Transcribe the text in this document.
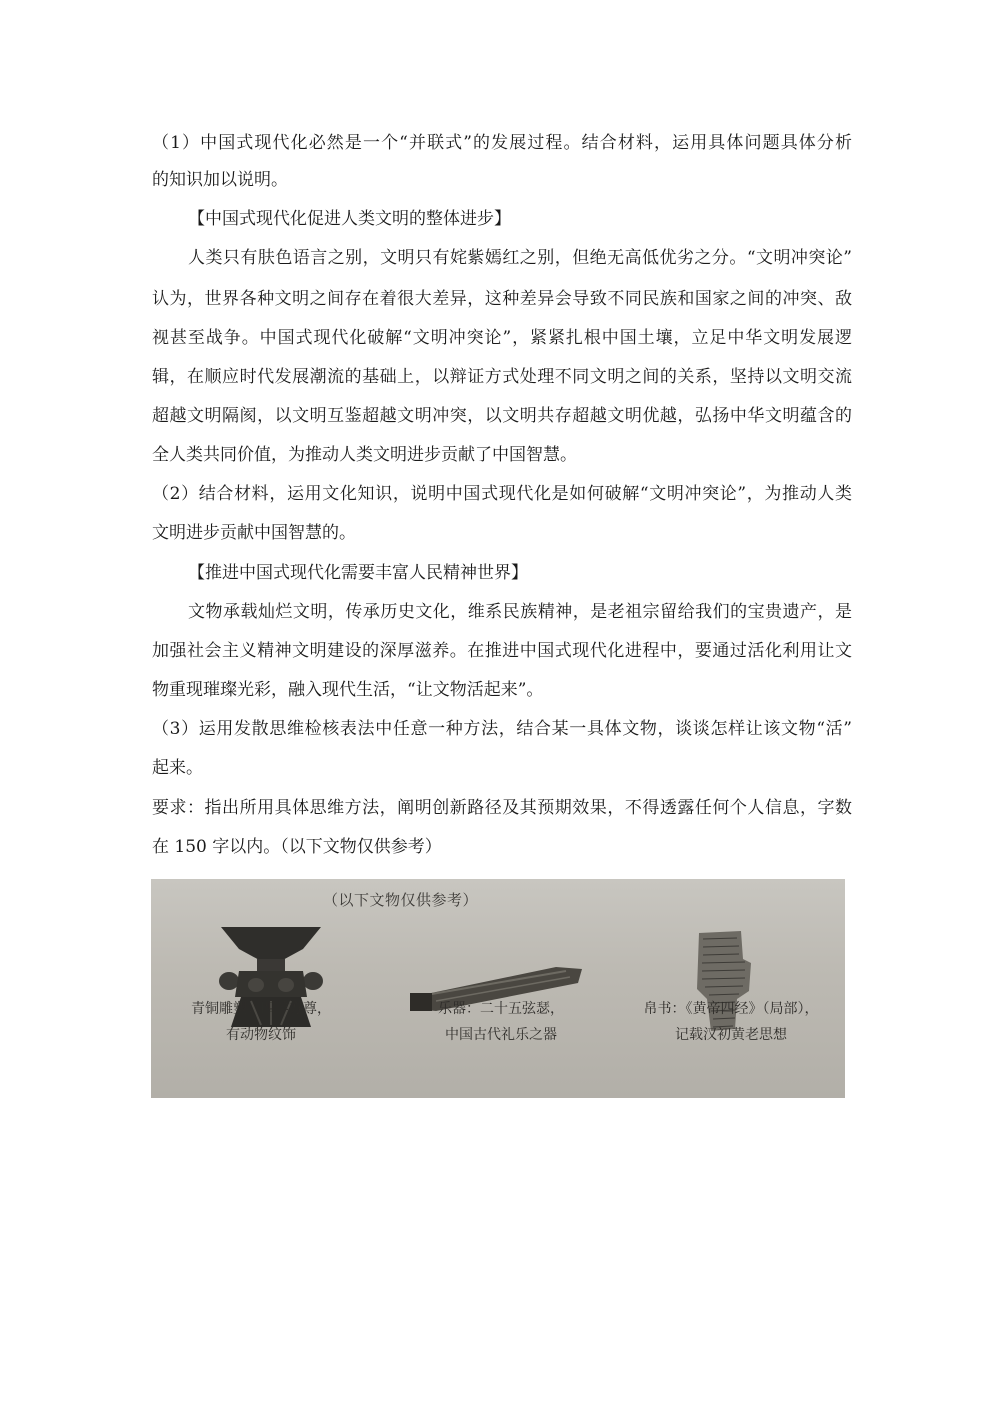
（1）中国式现代化必然是一个“并联式”的发展过程。结合材料，运用具体问题具体分析
的知识加以说明。
【中国式现代化促进人类文明的整体进步】
人类只有肤色语言之别，文明只有姹紫嫣红之别，但绝无高低优劣之分。“文明冲突论”
认为，世界各种文明之间存在着很大差异，这种差异会导致不同民族和国家之间的冲突、敌
视甚至战争。中国式现代化破解“文明冲突论”，紧紧扎根中国土壤，立足中华文明发展逻
辑，在顺应时代发展潮流的基础上，以辩证方式处理不同文明之间的关系，坚持以文明交流
超越文明隔阂，以文明互鉴超越文明冲突，以文明共存超越文明优越，弘扬中华文明蕴含的
全人类共同价值，为推动人类文明进步贡献了中国智慧。
（2）结合材料，运用文化知识，说明中国式现代化是如何破解“文明冲突论”，为推动人类
文明进步贡献中国智慧的。
【推进中国式现代化需要丰富人民精神世界】
文物承载灿烂文明，传承历史文化，维系民族精神，是老祖宗留给我们的宝贵遗产，是
加强社会主义精神文明建设的深厚滋养。在推进中国式现代化进程中，要通过活化利用让文
物重现璀璨光彩，融入现代生活，“让文物活起来”。
（3）运用发散思维检核表法中任意一种方法，结合某一具体文物，谈谈怎样让该文物“活”
起来。
要求：指出所用具体思维方法，阐明创新路径及其预期效果，不得透露任何个人信息，字数
在 150 字以内。（以下文物仅供参考）
（以下文物仅供参考）
青铜雕塑：四羊方尊，
有动物纹饰
乐器：二十五弦瑟，
中国古代礼乐之器
帛书：《黄帝四经》（局部），
记载汉初黄老思想
